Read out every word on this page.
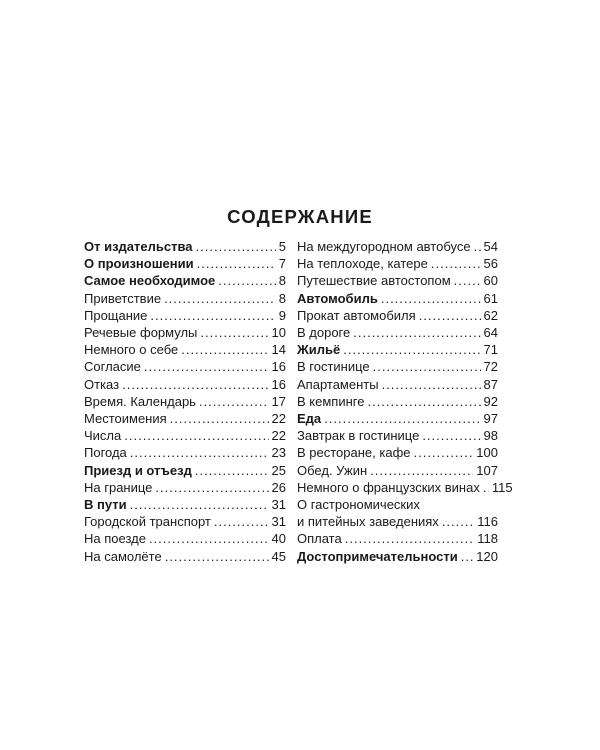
СОДЕРЖАНИЕ
От издательства .....	5
О произношении .....	7
Самое необходимое .....	8
Приветствие .....	8
Прощание .....	9
Речевые формулы .....	10
Немного о себе .....	14
Согласие .....	16
Отказ .....	16
Время. Календарь .....	17
Местоимения .....	22
Числа .....	22
Погода .....	23
Приезд и отъезд .....	25
На границе .....	26
В пути .....	31
Городской транспорт .....	31
На поезде .....	40
На самолёте .....	45
На междугородном автобусе ..... 54
На теплоходе, катере .....	56
Путешествие автостопом .....	60
Автомобиль .....	61
Прокат автомобиля .....	62
В дороге .....	64
Жильё .....	71
В гостинице .....	72
Апартаменты .....	87
В кемпинге .....	92
Еда .....	97
Завтрак в гостинице .....	98
В ресторане, кафе .....	100
Обед. Ужин .....	107
Немного о французских винах ..... 115
О гастрономических
и питейных заведениях .....	116
Оплата .....	118
Достопримечательности ..... 120
